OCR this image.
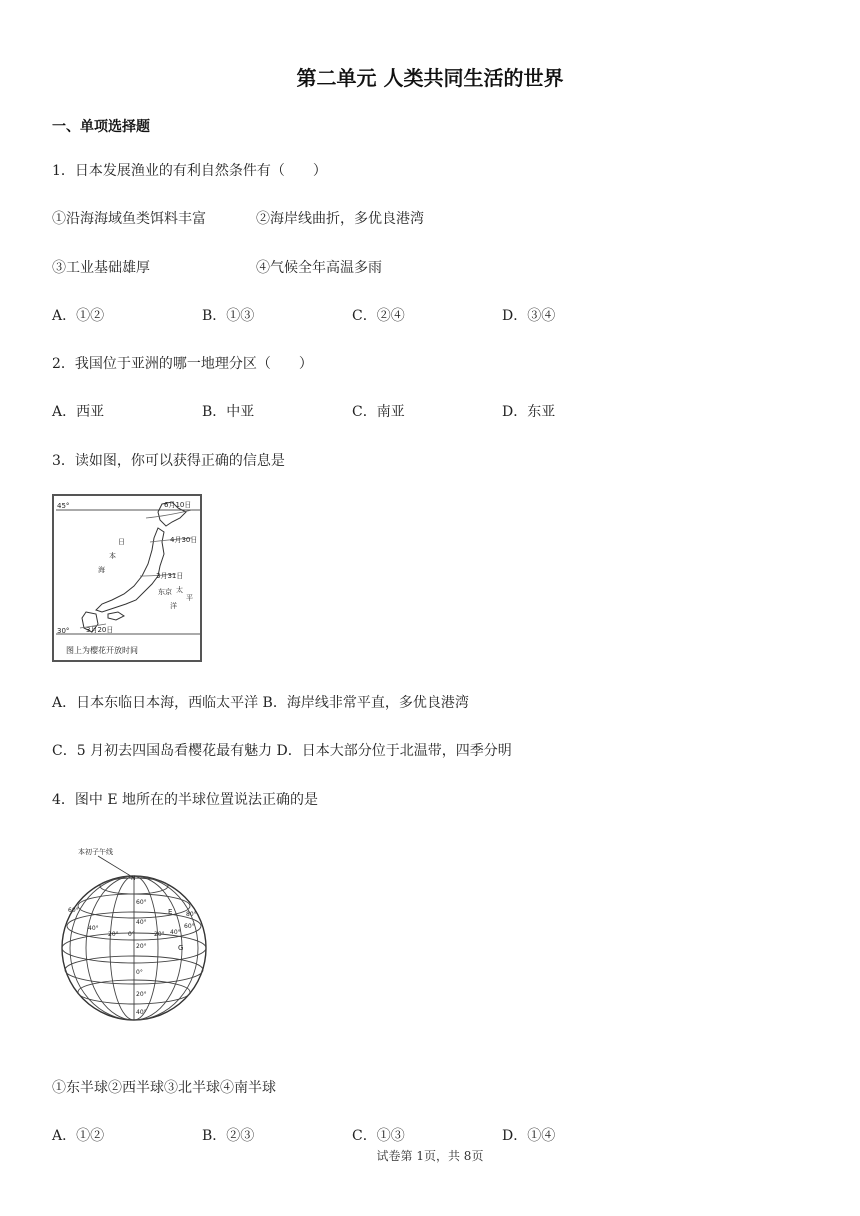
第二单元 人类共同生活的世界
一、单项选择题
1．日本发展渔业的有利自然条件有（　　）
①沿海海域鱼类饵料丰富	②海岸线曲折，多优良港湾
③工业基础雄厚	④气候全年高温多雨
A．①②	B．①③	C．②④	D．③④
2．我国位于亚洲的哪一地理分区（　　）
A．西亚	B．中亚	C．南亚	D．东亚
3．读如图，你可以获得正确的信息是
45°
30°
6月10日
4月30日
3月31日
3月20日
日
本
海
东京 太
平
洋
图上为樱花开放时间
A．日本东临日本海，西临太平洋 B．海岸线非常平直，多优良港湾
C．5 月初去四国岛看樱花最有魅力 D．日本大部分位于北温带，四季分明
4．图中 E 地所在的半球位置说法正确的是
本初子午线
N
E
G
60°
40°
20°
0°
20°
40°
60°
40°
20° 0°	20° 40°
60°
80°
①东半球②西半球③北半球④南半球
A．①②	B．②③	C．①③	D．①④
试卷第 1页，共 8页
